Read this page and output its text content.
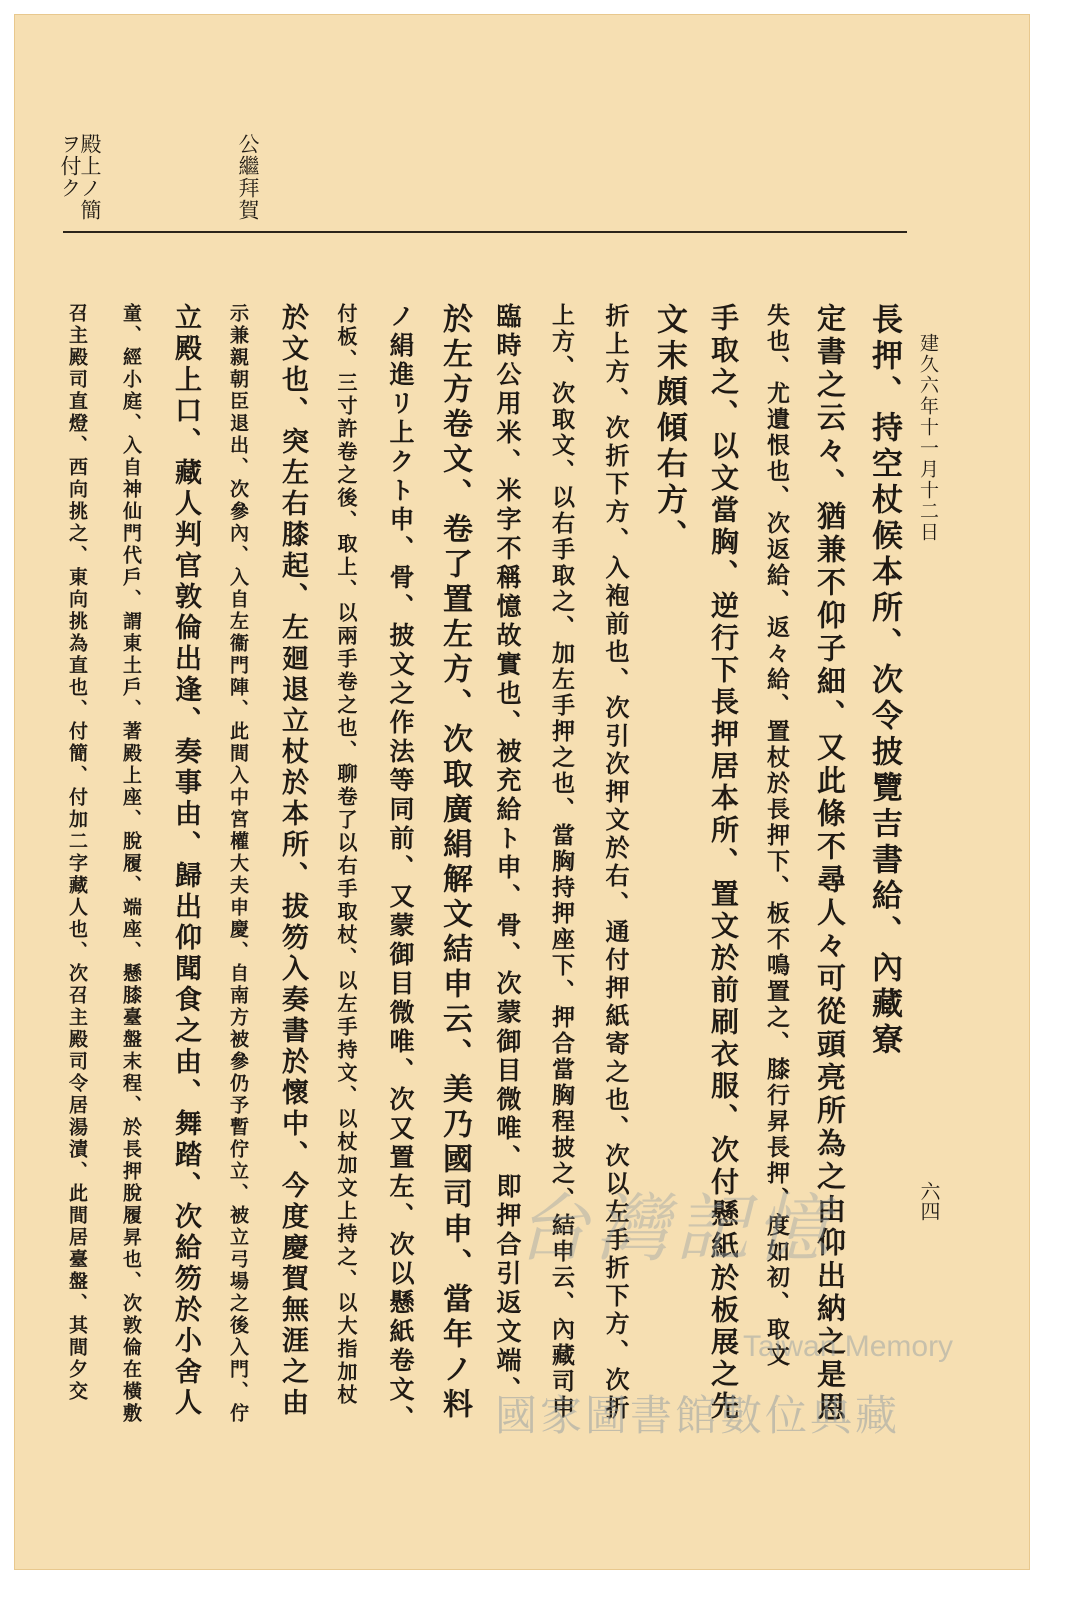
殿上ノ簡
ヲ付ク	公繼拜賀
建久六年十一月十二日
六四
長押、持空杖候本所、次令披覽吉書給、內藏寮
定書之云々、猶兼不仰子細、又此條不尋人々可從頭亮所為之由仰出納之是恩
失也、尤遺恨也、次返給、返々給、置杖於長押下、板不鳴置之、膝行昇長押、度如初、取文
手取之、以文當胸、逆行下長押居本所、置文於前刷衣服、次付懸紙於板展之先
文末頗傾右方、
折上方、次折下方、入袍前也、次引次押文於右、通付押紙寄之也、次以左手折下方、次折
上方、次取文、以右手取之、加左手押之也、當胸持押座下、押合當胸程披之、結申云、內藏司申
臨時公用米、米字不稱憶故實也、被充給ト申、骨、次蒙御目微唯、即押合引返文端、
於左方卷文、卷了置左方、次取廣絹解文結申云、美乃國司申、當年ノ料
ノ絹進リ上クト申、骨、披文之作法等同前、又蒙御目微唯、次又置左、次以懸紙卷文、
付板、三寸許卷之後、取上、以兩手卷之也、聊卷了以右手取杖、以左手持文、以杖加文上持之、以大指加杖
於文也、突左右膝起、左廻退立杖於本所、拔笏入奏書於懷中、今度慶賀無涯之由
示兼親朝臣退出、次參內、入自左衞門陣、此間入中宮權大夫申慶、自南方被參仍予暫佇立、被立弓場之後入門、佇
立殿上口、藏人判官敦倫出逢、奏事由、歸出仰聞食之由、舞踏、次給笏於小舍人
童、經小庭、入自神仙門代戶、謂東土戶、著殿上座、脫履、端座、懸膝臺盤末程、於長押脫履昇也、次敦倫在橫敷
召主殿司直燈、西向挑之、東向挑為直也、付簡、付加二字藏人也、次召主殿司令居湯漬、此間居臺盤、其間夕交	台灣記憶
Taiwan Memory
國家圖書館數位典藏
